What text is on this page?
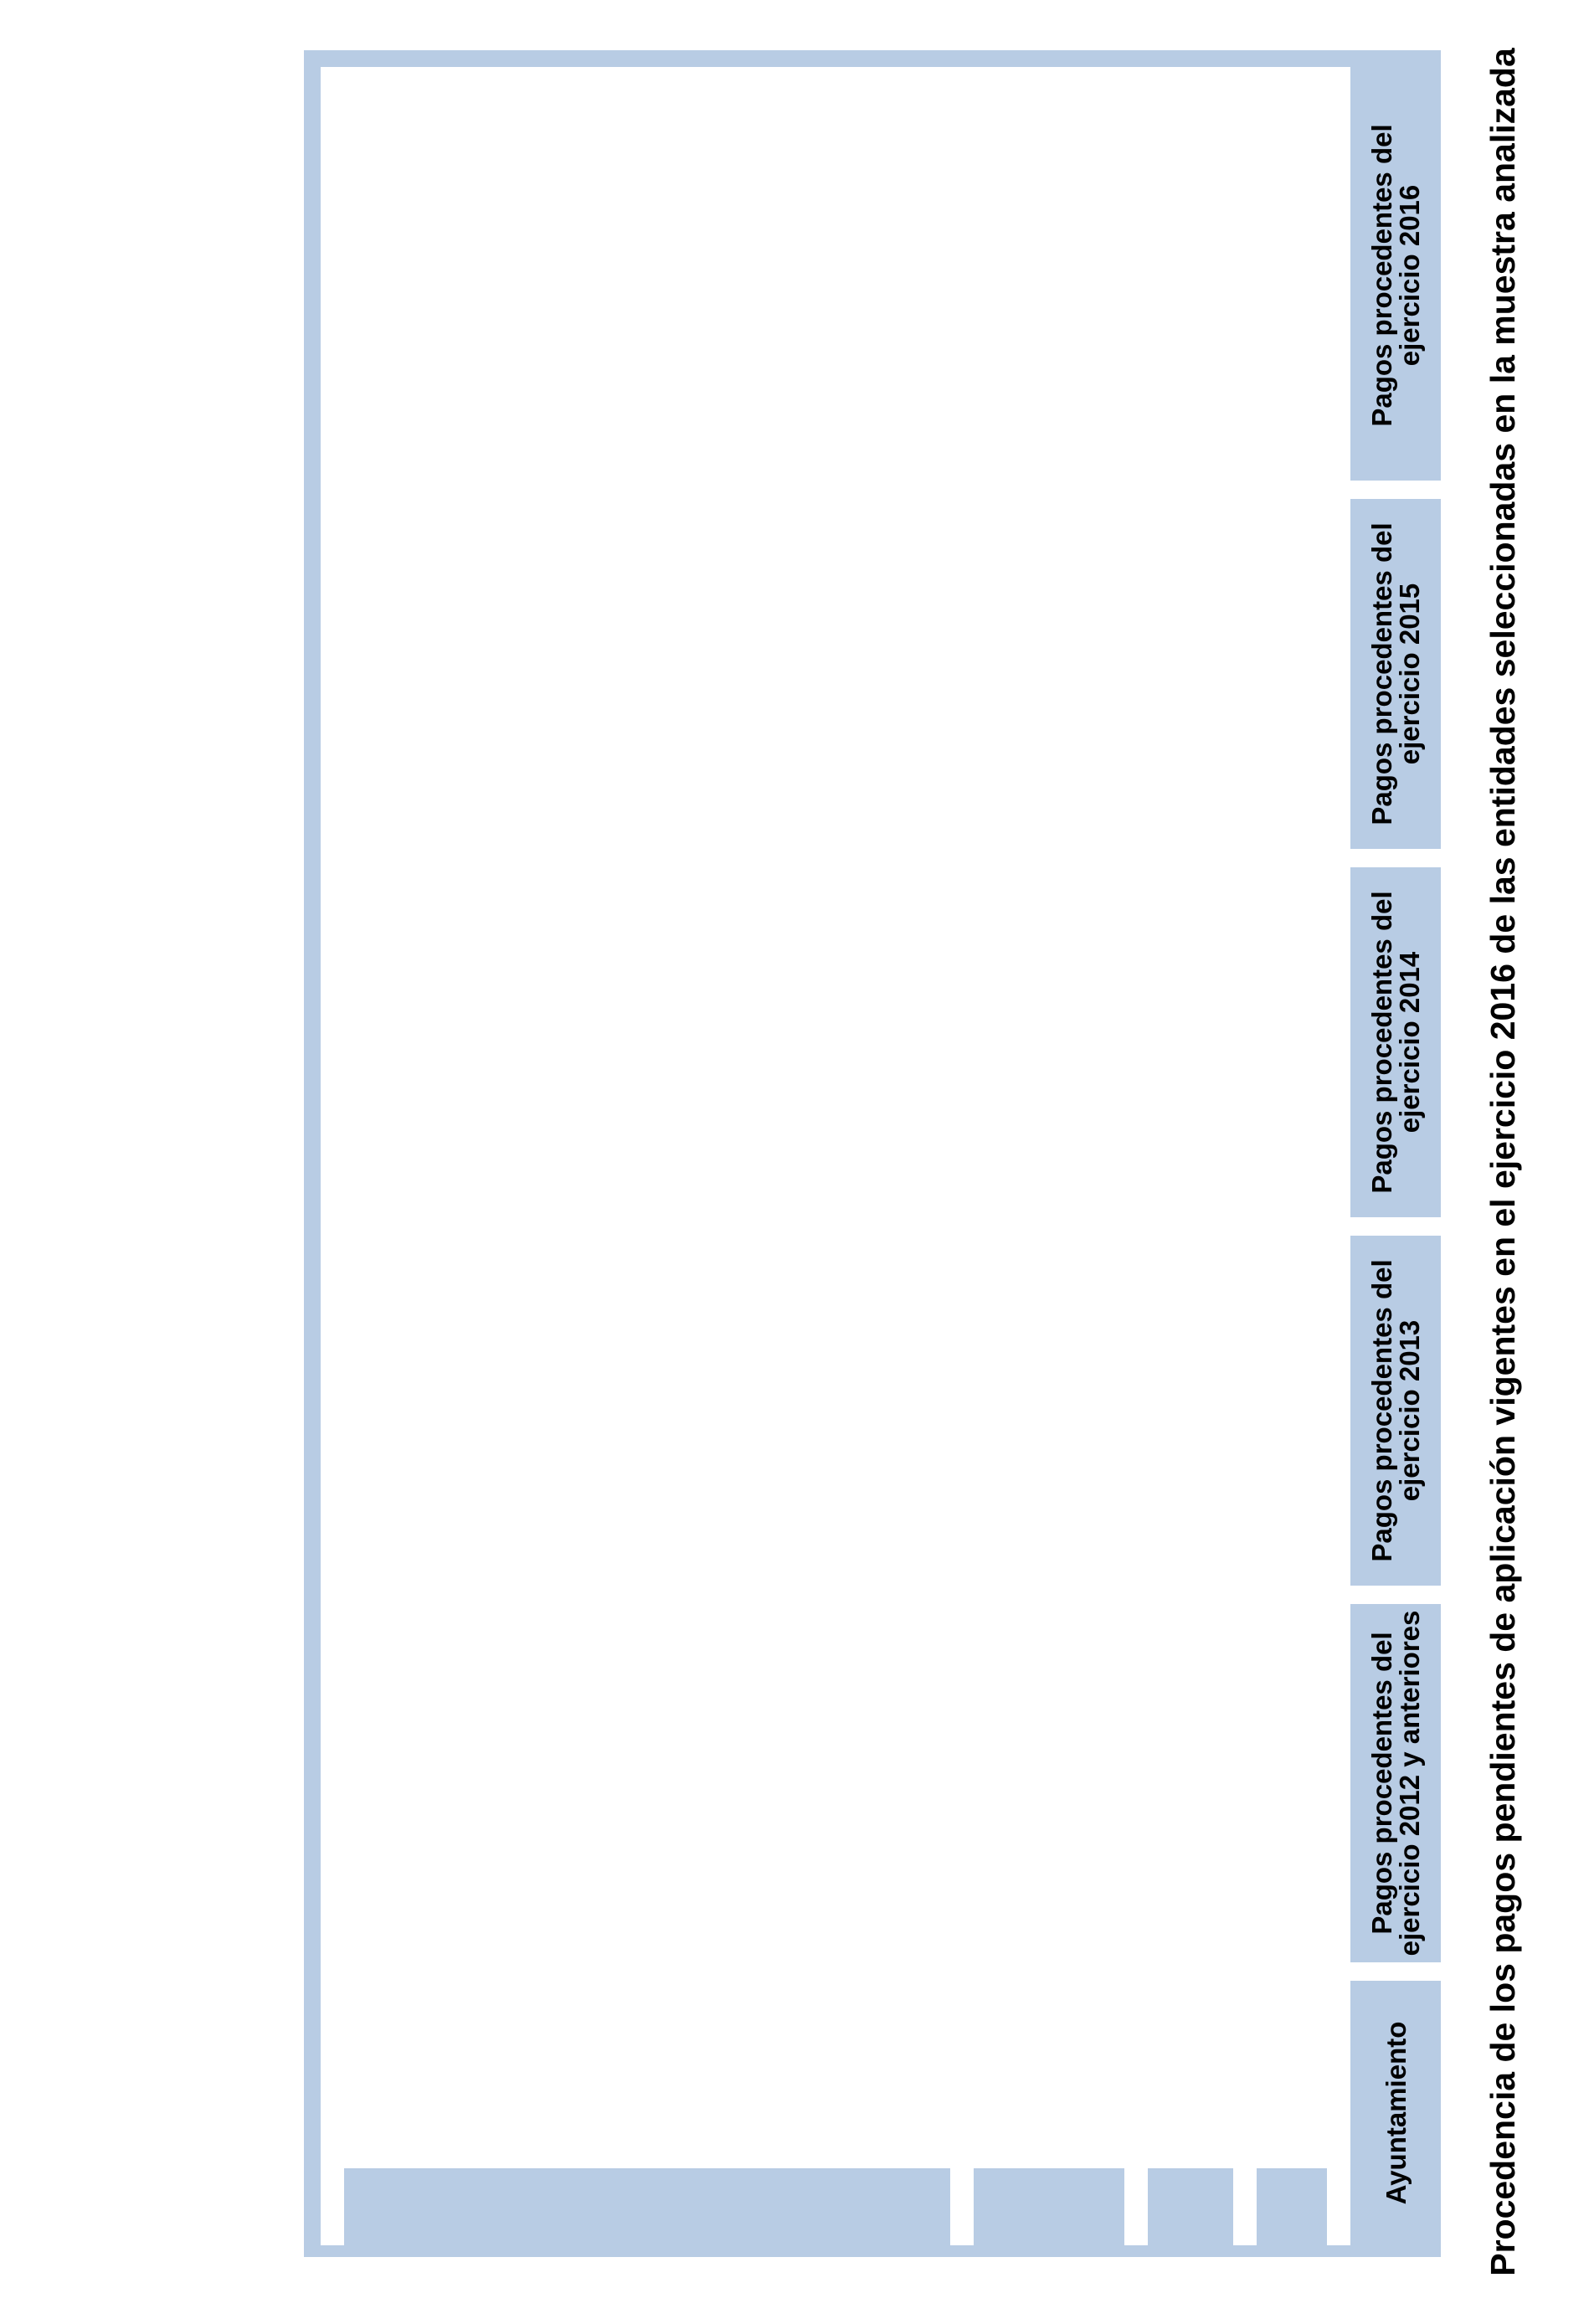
Procedencia de los pagos pendientes de aplicación vigentes en el ejercicio 2016 de las entidades seleccionadas en la muestra analizada
Ayuntamiento
Pagos procedentes del ejercicio 2012 y anteriores
Pagos procedentes del ejercicio 2013
Pagos procedentes del ejercicio 2014
Pagos procedentes del ejercicio 2015
Pagos procedentes del ejercicio 2016
